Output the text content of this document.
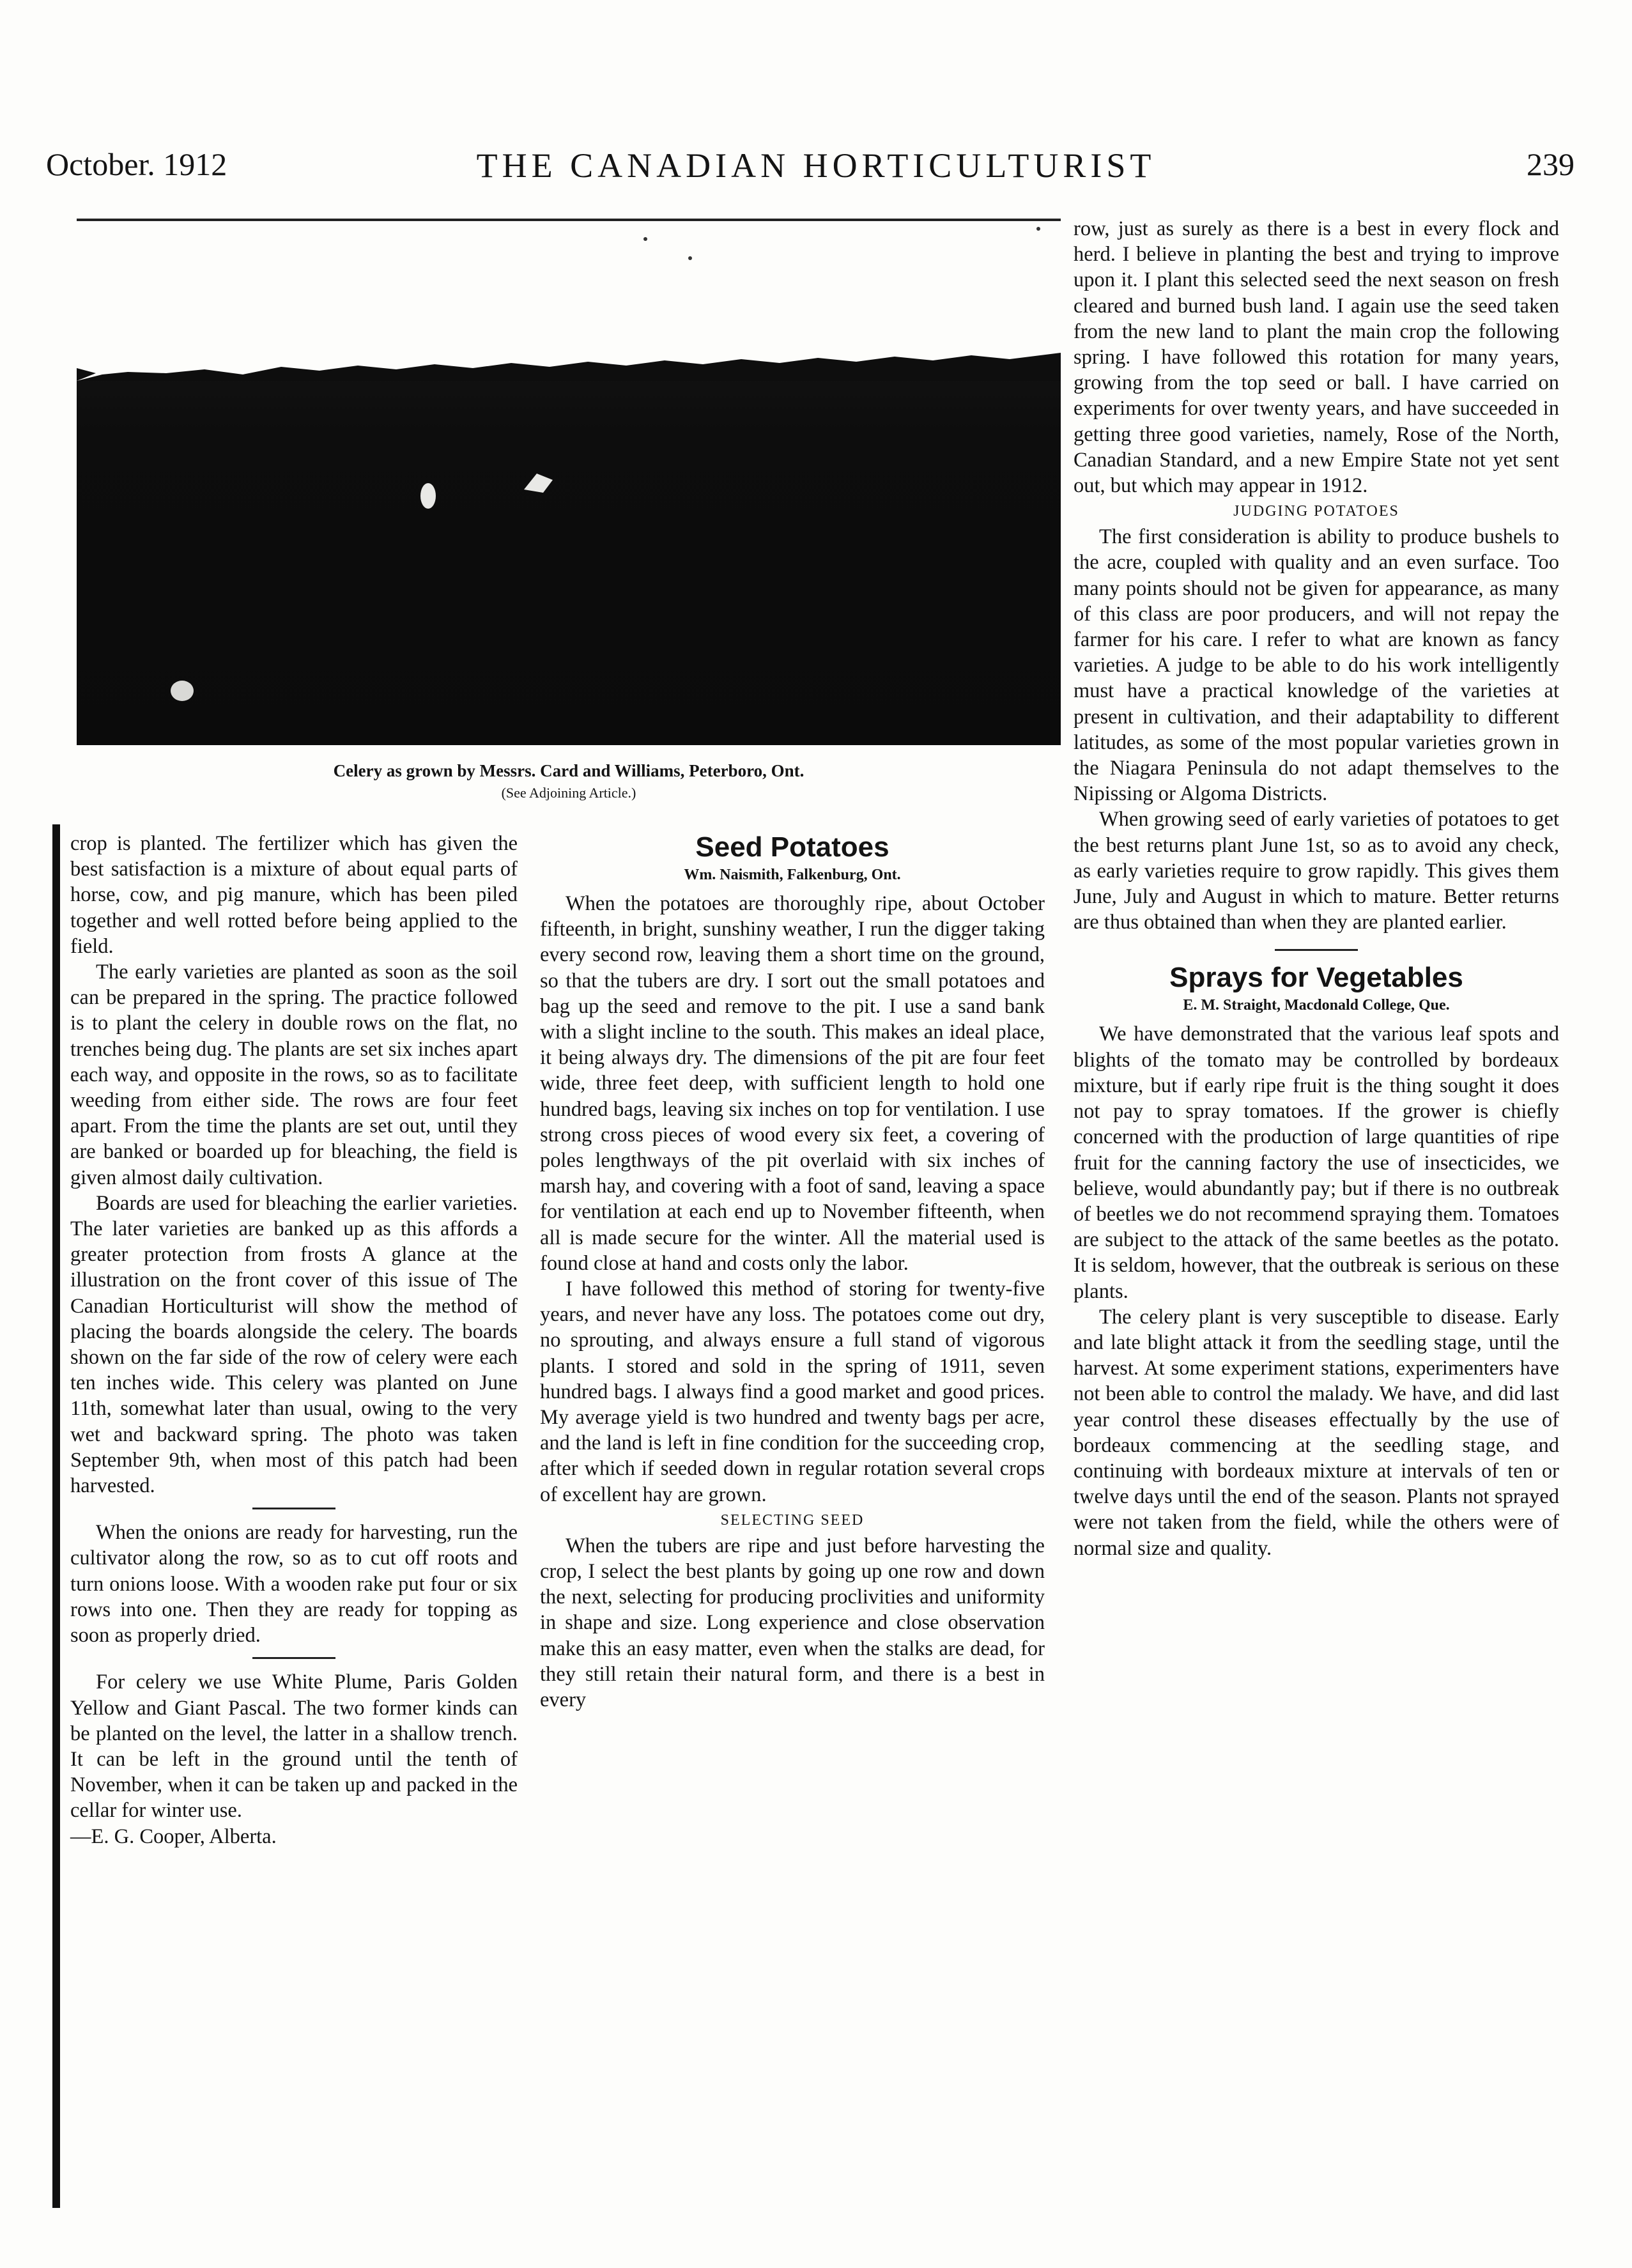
October. 1912	THE CANADIAN HORTICULTURIST	239
Celery as grown by Messrs. Card and Williams, Peterboro, Ont.
(See Adjoining Article.)

crop is planted. The fertilizer which has given the best satisfaction is a mixture of about equal parts of horse, cow, and pig manure, which has been piled together and well rotted before being applied to the field.

The early varieties are planted as soon as the soil can be prepared in the spring. The practice followed is to plant the celery in double rows on the flat, no trenches being dug. The plants are set six inches apart each way, and opposite in the rows, so as to facilitate weeding from either side. The rows are four feet apart. From the time the plants are set out, until they are banked or boarded up for bleaching, the field is given almost daily cultivation.

Boards are used for bleaching the earlier varieties. The later varieties are banked up as this affords a greater protection from frosts A glance at the illustration on the front cover of this issue of The Canadian Horticulturist will show the method of placing the boards alongside the celery. The boards shown on the far side of the row of celery were each ten inches wide. This celery was planted on June 11th, somewhat later than usual, owing to the very wet and backward spring. The photo was taken September 9th, when most of this patch had been harvested.

When the onions are ready for harvesting, run the cultivator along the row, so as to cut off roots and turn onions loose. With a wooden rake put four or six rows into one. Then they are ready for topping as soon as properly dried.

For celery we use White Plume, Paris Golden Yellow and Giant Pascal. The two former kinds can be planted on the level, the latter in a shallow trench. It can be left in the ground until the tenth of November, when it can be taken up and packed in the cellar for winter use.

—E. G. Cooper, Alberta.

Seed Potatoes
Wm. Naismith, Falkenburg, Ont.

When the potatoes are thoroughly ripe, about October fifteenth, in bright, sunshiny weather, I run the digger taking every second row, leaving them a short time on the ground, so that the tubers are dry. I sort out the small potatoes and bag up the seed and remove to the pit. I use a sand bank with a slight incline to the south. This makes an ideal place, it being always dry. The dimensions of the pit are four feet wide, three feet deep, with sufficient length to hold one hundred bags, leaving six inches on top for ventilation. I use strong cross pieces of wood every six feet, a covering of poles lengthways of the pit overlaid with six inches of marsh hay, and covering with a foot of sand, leaving a space for ventilation at each end up to November fifteenth, when all is made secure for the winter. All the material used is found close at hand and costs only the labor.

I have followed this method of storing for twenty-five years, and never have any loss. The potatoes come out dry, no sprouting, and always ensure a full stand of vigorous plants. I stored and sold in the spring of 1911, seven hundred bags. I always find a good market and good prices. My average yield is two hundred and twenty bags per acre, and the land is left in fine condition for the succeeding crop, after which if seeded down in regular rotation several crops of excellent hay are grown.

SELECTING SEED

When the tubers are ripe and just before harvesting the crop, I select the best plants by going up one row and down the next, selecting for producing proclivities and uniformity in shape and size. Long experience and close observation make this an easy matter, even when the stalks are dead, for they still retain their natural form, and there is a best in every

row, just as surely as there is a best in every flock and herd. I believe in planting the best and trying to improve upon it. I plant this selected seed the next season on fresh cleared and burned bush land. I again use the seed taken from the new land to plant the main crop the following spring. I have followed this rotation for many years, growing from the top seed or ball. I have carried on experiments for over twenty years, and have succeeded in getting three good varieties, namely, Rose of the North, Canadian Standard, and a new Empire State not yet sent out, but which may appear in 1912.

JUDGING POTATOES

The first consideration is ability to produce bushels to the acre, coupled with quality and an even surface. Too many points should not be given for appearance, as many of this class are poor producers, and will not repay the farmer for his care. I refer to what are known as fancy varieties. A judge to be able to do his work intelligently must have a practical knowledge of the varieties at present in cultivation, and their adaptability to different latitudes, as some of the most popular varieties grown in the Niagara Peninsula do not adapt themselves to the Nipissing or Algoma Districts.

When growing seed of early varieties of potatoes to get the best returns plant June 1st, so as to avoid any check, as early varieties require to grow rapidly. This gives them June, July and August in which to mature. Better returns are thus obtained than when they are planted earlier.

Sprays for Vegetables
E. M. Straight, Macdonald College, Que.

We have demonstrated that the various leaf spots and blights of the tomato may be controlled by bordeaux mixture, but if early ripe fruit is the thing sought it does not pay to spray tomatoes. If the grower is chiefly concerned with the production of large quantities of ripe fruit for the canning factory the use of insecticides, we believe, would abundantly pay; but if there is no outbreak of beetles we do not recommend spraying them. Tomatoes are subject to the attack of the same beetles as the potato. It is seldom, however, that the outbreak is serious on these plants.

The celery plant is very susceptible to disease. Early and late blight attack it from the seedling stage, until the harvest. At some experiment stations, experimenters have not been able to control the malady. We have, and did last year control these diseases effectually by the use of bordeaux commencing at the seedling stage, and continuing with bordeaux mixture at intervals of ten or twelve days until the end of the season. Plants not sprayed were not taken from the field, while the others were of normal size and quality.
